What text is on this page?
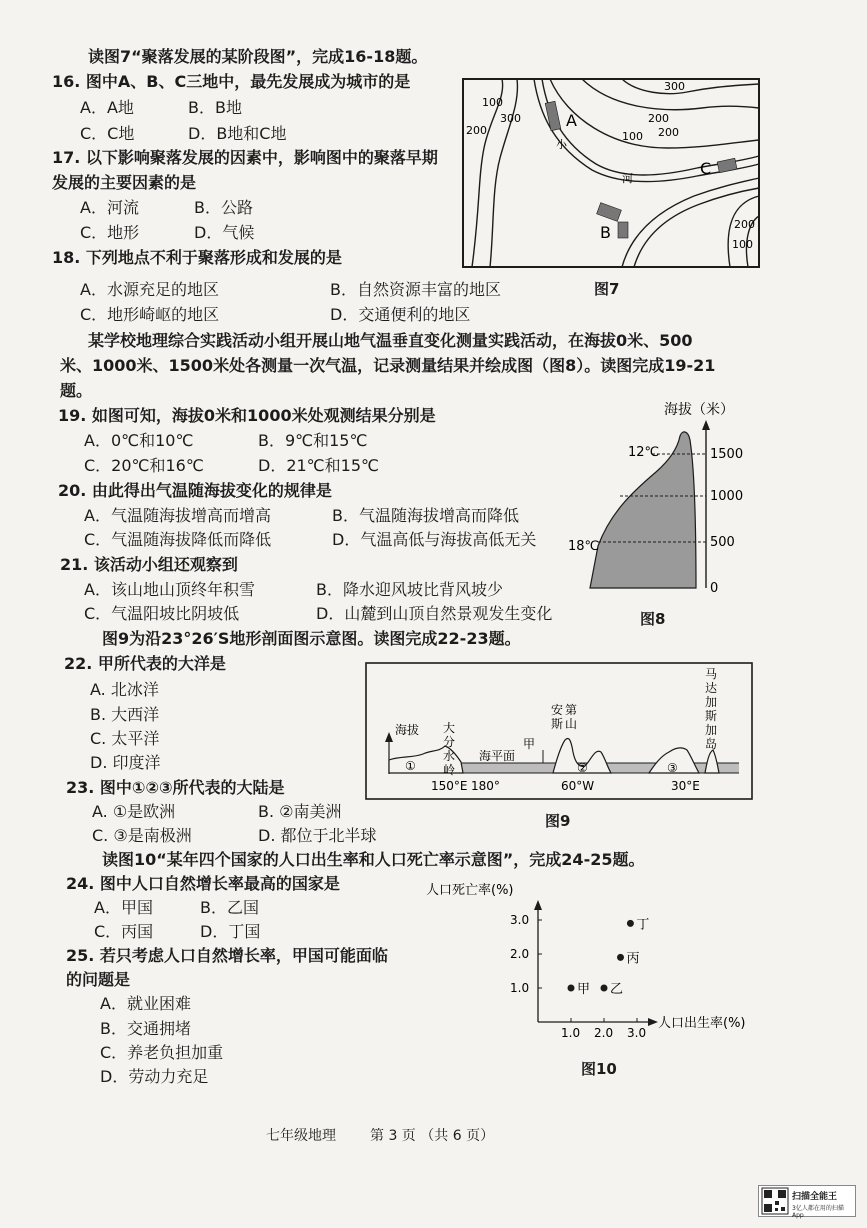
读图7“聚落发展的某阶段图”，完成16-18题。
16. 图中A、B、C三地中，最先发展成为城市的是
A．A地	B．B地
C．C地	D．B地和C地
17. 以下影响聚落发展的因素中，影响图中的聚落早期
发展的主要因素的是
A．河流	B．公路
C．地形	D．气候
18. 下列地点不利于聚落形成和发展的是
A．水源充足的地区	B．自然资源丰富的地区
C．地形崎岖的地区	D．交通便利的地区
A
B
C
小
河
100
300
200
300
200
100
200
100
200
图7
某学校地理综合实践活动小组开展山地气温垂直变化测量实践活动，在海拔0米、500
米、1000米、1500米处各测量一次气温，记录测量结果并绘成图（图8）。读图完成19-21
题。
19. 如图可知，海拔0米和1000米处观测结果分别是
A．0℃和10℃	B．9℃和15℃
C．20℃和16℃	D．21℃和15℃
20. 由此得出气温随海拔变化的规律是
A．气温随海拔增高而增高	B．气温随海拔增高而降低
C．气温随海拔降低而降低	D．气温高低与海拔高低无关
21. 该活动小组还观察到
A．该山地山顶终年积雪	B．降水迎风坡比背风坡少
C．气温阳坡比阴坡低	D．山麓到山顶自然景观发生变化
海拔（米）
1500
1000
500
0
12℃
18℃
图8
图9为沿23°26′S地形剖面图示意图。读图完成22-23题。
22. 甲所代表的大洋是
A. 北冰洋
B. 大西洋
C. 太平洋
D. 印度洋
23. 图中①②③所代表的大陆是
A. ①是欧洲	B. ②南美洲
C. ③是南极洲	D. 都位于北半球
海拔
甲
海平面
①	②	③
150°E 180°	60°W	30°E
大
分
水
岭
安
斯
第
山
马
达
加
斯
加
岛
图9
读图10“某年四个国家的人口出生率和人口死亡率示意图”，完成24-25题。
24. 图中人口自然增长率最高的国家是
A．甲国	B．乙国
C．丙国	D．丁国
25. 若只考虑人口自然增长率，甲国可能面临
的问题是
A．就业困难
B．交通拥堵
C．养老负担加重
D．劳动力充足
人口死亡率(%)
人口出生率(%)
1.0 2.0 3.0
1.0
2.0
3.0
甲 乙
丙
丁
图10
七年级地理 第 3 页 （共 6 页）
扫描全能王
3亿人都在用的扫描App
